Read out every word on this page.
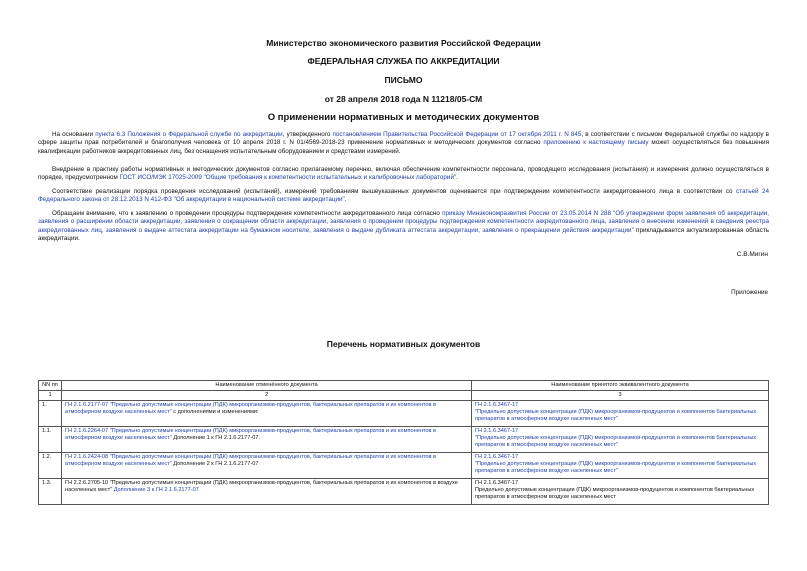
Министерство экономического развития Российской Федерации
ФЕДЕРАЛЬНАЯ СЛУЖБА ПО АККРЕДИТАЦИИ
ПИСЬМО
от 28 апреля 2018 года N 11218/05-СМ
О применении нормативных и методических документов

На основании пункта 6.3 Положения о Федеральной службе по аккредитации, утвержденного постановлением Правительства Российской Федерации от 17 октября 2011 г. N 845, в соответствии с письмом Федеральной службы по надзору в сфере защиты прав потребителей и благополучия человека от 10 апреля 2018 г. N 01/4569-2018-23 применение нормативных и методических документов согласно приложению к настоящему письму может осуществляться без повышения квалификации работников аккредитованных лиц, без оснащения испытательным оборудованием и средствами измерений.

Внедрение в практику работы нормативных и методических документов согласно прилагаемому перечню, включая обеспечение компетентности персонала, проводящего исследования (испытания) и измерения должно осуществляться в порядке, предусмотренном ГОСТ ИСО/МЭК 17025-2009 "Общие требования к компетентности испытательных и калибровочных лабораторий".

Соответствие реализации порядка проведения исследований (испытаний), измерений требованиям вышеуказанных документов оценивается при подтверждении компетентности аккредитованного лица в соответствии со статьей 24 Федерального закона от 28.12.2013 N 412-ФЗ "Об аккредитации в национальной системе аккредитации".

Обращаем внимание, что к заявлению о проведении процедуры подтверждения компетентности аккредитованного лица согласно приказу Минэкономразвития России от 23.05.2014 N 288 "Об утверждении форм заявления об аккредитации, заявления о расширении области аккредитации, заявления о сокращении области аккредитации, заявления о проведении процедуры подтверждения компетентности аккредитованного лица, заявления о внесении изменений в сведения реестра аккредитованных лиц, заявления о выдаче аттестата аккредитации на бумажном носителе, заявления о выдаче дубликата аттестата аккредитации, заявления о прекращении действия аккредитации" прикладывается актуализированная область аккредитации.

С.В.Мигин
Приложение
Перечень нормативных документов
NN пп	Наименование отменённого документа	Наименование принятого эквивалентного документа
1	2	3
1.	ГН 2.1.6.2177-07 "Предельно допустимые концентрации (ПДК) микроорганизмов-продуцентов, бактериальных препаратов и их компонентов в атмосферном воздухе населенных мест" с дополнениями и изменениями:	ГН 2.1.6.3467-17
"Предельно допустимые концентрации (ПДК) микроорганизмов-продуцентов и компонентов бактериальных препаратов в атмосферном воздухе населенных мест"
1.1.	ГН 2.1.6.2264-07 "Предельно допустимые концентрации (ПДК) микроорганизмов-продуцентов, бактериальных препаратов и их компонентов в атмосферном воздухе населенных мест" Дополнение 1 к ГН 2.1.6.2177-07.	ГН 2.1.6.3467-17
"Предельно допустимые концентрации (ПДК) микроорганизмов-продуцентов и компонентов бактериальных препаратов в атмосферном воздухе населенных мест"
1.2.	ГН 2.1.6.2424-08 "Предельно допустимые концентрации (ПДК) микроорганизмов-продуцентов, бактериальных препаратов и их компонентов в атмосферном воздухе населенных мест" Дополнение 2 к ГН 2.1.6.2177-07	ГН 2.1.6.3467-17
"Предельно допустимые концентрации (ПДК) микроорганизмов-продуцентов и компонентов бактериальных препаратов в атмосферном воздухе населенных мест"
1.3.	ГН 2.2.6.2705-10 "Предельно допустимые концентрации (ПДК) микроорганизмов-продуцентов, бактериальных препаратов и их компонентов в воздухе населенных мест" Дополнение 3 к ГН 2.1.6.2177-07	ГН 2.1.6.3467-17
Предельно допустимые концентрации (ПДК) микроорганизмов-продуцентов и компонентов бактериальных препаратов в атмосферном воздухе населенных мест
